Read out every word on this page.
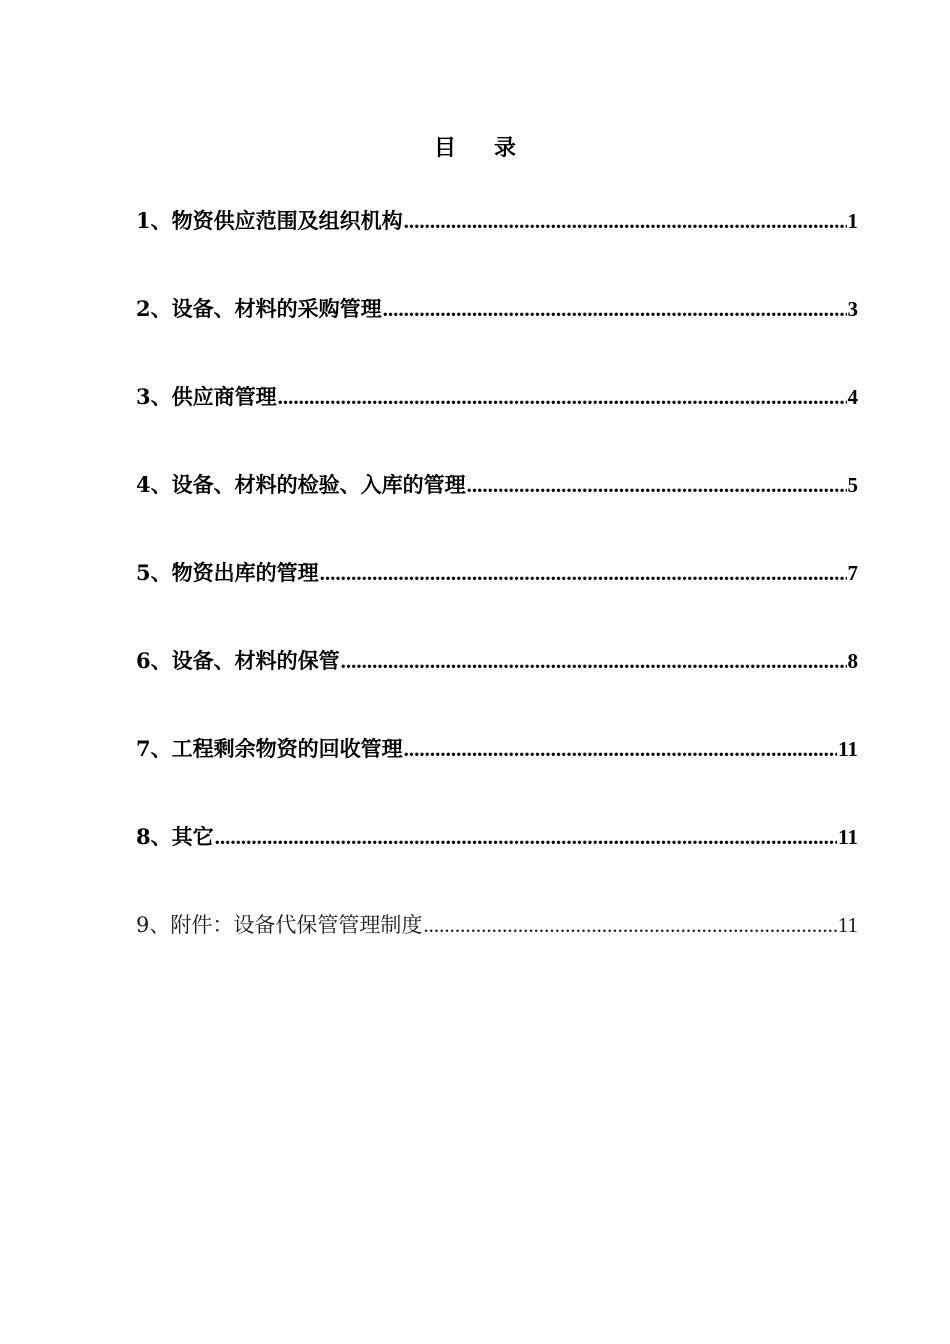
目录
1、物资供应范围及组织机构 .....	1
2、设备、材料的采购管理 .....	3
3、供应商管理 .....	4
4、设备、材料的检验、入库的管理 .....	5
5、物资出库的管理 .....	7
6、设备、材料的保管 .....	8
7、工程剩余物资的回收管理 .....	11
8、其它 .....	11
9、附件：设备代保管管理制度 .....	11
